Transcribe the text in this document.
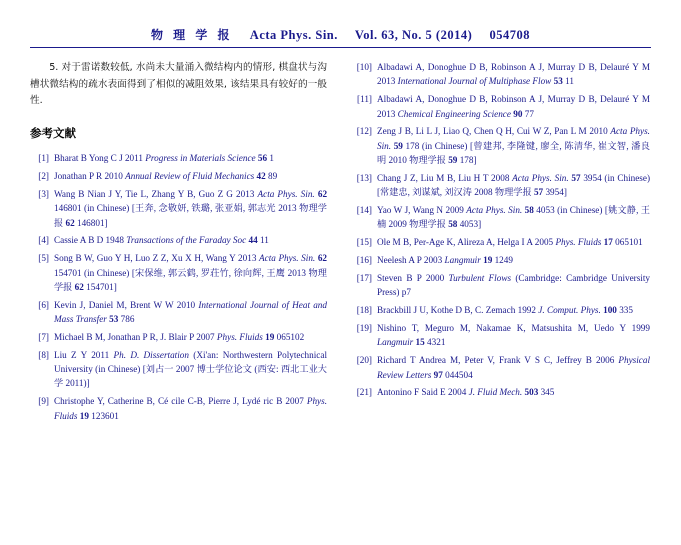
物 理 学 报 Acta Phys. Sin. Vol. 63, No. 5 (2014) 054708
5. 对于雷诺数较低, 水尚未大量涌入微结构内的情形, 棋盘状与沟槽状微结构的疏水表面得到了相似的减阻效果, 该结果具有较好的一般性.
参考文献
[1] Bharat B Yong C J 2011 Progress in Materials Science 56 1
[2] Jonathan P R 2010 Annual Review of Fluid Mechanics 42 89
[3] Wang B Nian J Y, Tie L, Zhang Y B, Guo Z G 2013 Acta Phys. Sin. 62 146801 (in Chinese) [王奔, 念敬妍, 铁璐, 张亚娟, 郭志光 2013 物理学报 62 146801]
[4] Cassie A B D 1948 Transactions of the Faraday Soc 44 11
[5] Song B W, Guo Y H, Luo Z Z, Xu X H, Wang Y 2013 Acta Phys. Sin. 62 154701 (in Chinese) [宋保维, 郭云鹤, 罗荘竹, 徐向辉, 王鹰 2013 物理学报 62 154701]
[6] Kevin J, Daniel M, Brent W W 2010 International Journal of Heat and Mass Transfer 53 786
[7] Michael B M, Jonathan P R, J. Blair P 2007 Phys. Fluids 19 065102
[8] Liu Z Y 2011 Ph. D. Dissertation (Xi'an: Northwestern Polytechnical University (in Chinese) [刘占一 2007 博士学位论文 (西安: 西北工业大学 2011)]
[9] Christophe Y, Catherine B, Cé cile C-B, Pierre J, Lydé ric B 2007 Phys. Fluids 19 123601
[10] Albadawi A, Donoghue D B, Robinson A J, Murray D B, Delauré Y M 2013 International Journal of Multiphase Flow 53 11
[11] Albadawi A, Donoghue D B, Robinson A J, Murray D B, Delauré Y M 2013 Chemical Engineering Science 90 77
[12] Zeng J B, Li L J, Liao Q, Chen Q H, Cui W Z, Pan L M 2010 Acta Phys. Sin. 59 178 (in Chinese) [曾建邦, 李隆键, 廖全, 陈清华, 崔文智, 潘良明 2010 物理学报 59 178]
[13] Chang J Z, Liu M B, Liu H T 2008 Acta Phys. Sin. 57 3954 (in Chinese) [常建忠, 刘谋斌, 刘汉涛 2008 物理学报 57 3954]
[14] Yao W J, Wang N 2009 Acta Phys. Sin. 58 4053 (in Chinese) [姚文静, 王楠 2009 物理学报 58 4053]
[15] Ole M B, Per-Age K, Alireza A, Helga I A 2005 Phys. Fluids 17 065101
[16] Neelesh A P 2003 Langmuir 19 1249
[17] Steven B P 2000 Turbulent Flows (Cambridge: Cambridge University Press) p7
[18] Brackbill J U, Kothe D B, C. Zemach 1992 J. Comput. Phys. 100 335
[19] Nishino T, Meguro M, Nakamae K, Matsushita M, Uedo Y 1999 Langmuir 15 4321
[20] Richard T Andrea M, Peter V, Frank V S C, Jeffrey B 2006 Physical Review Letters 97 044504
[21] Antonino F Said E 2004 J. Fluid Mech. 503 345
